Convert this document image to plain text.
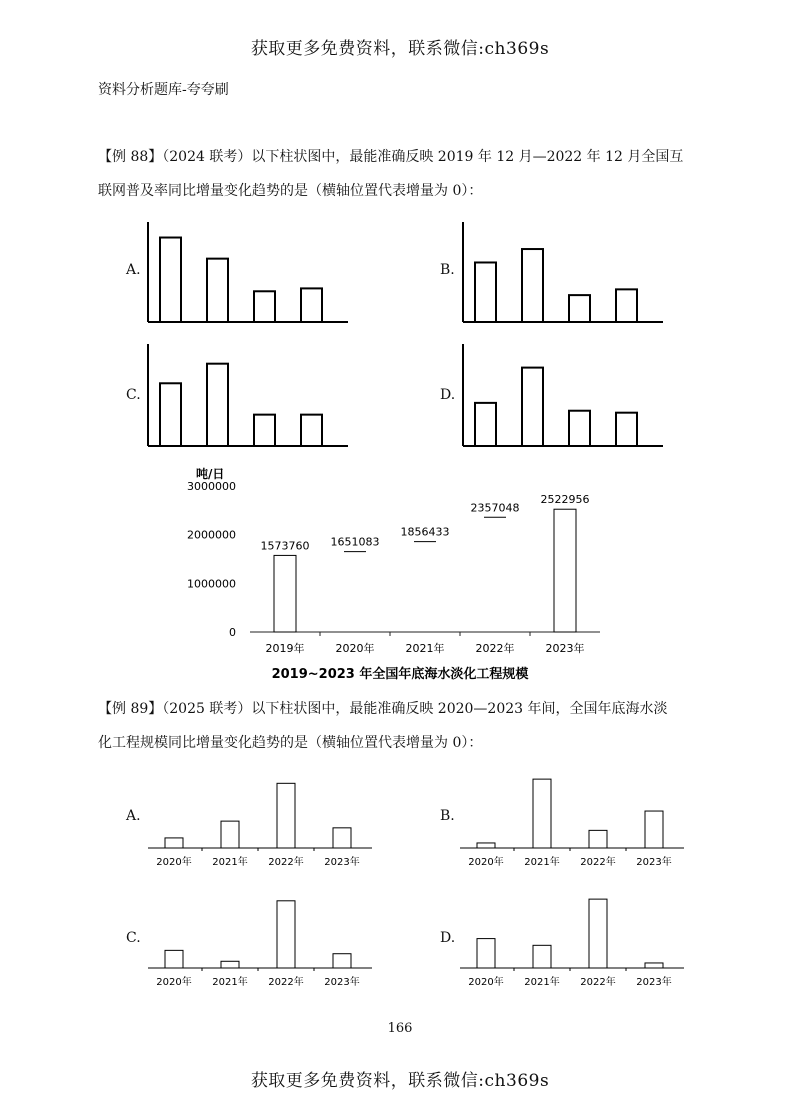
获取更多免费资料，联系微信:ch369s
资料分析题库-夸夸刷
【例 88】（2024 联考）以下柱状图中，最能准确反映 2019 年 12 月—2022 年 12 月全国互
联网普及率同比增量变化趋势的是（横轴位置代表增量为 0）：
A.	B.
C.	D.
吨/日
0
1000000
2000000
3000000
1573760 1651083
1856433
2357048
2522956
2019年	2020年	2021年	2022年	2023年
2019~2023 年全国年底海水淡化工程规模
【例 89】（2025 联考）以下柱状图中，最能准确反映 2020—2023 年间，全国年底海水淡
化工程规模同比增量变化趋势的是（横轴位置代表增量为 0）：
A.	B.
C.	D.
2020年 2021年 2022年 2023年	2020年 2021年 2022年 2023年
2020年 2021年 2022年 2023年	2020年 2021年 2022年 2023年
166
获取更多免费资料，联系微信:ch369s
